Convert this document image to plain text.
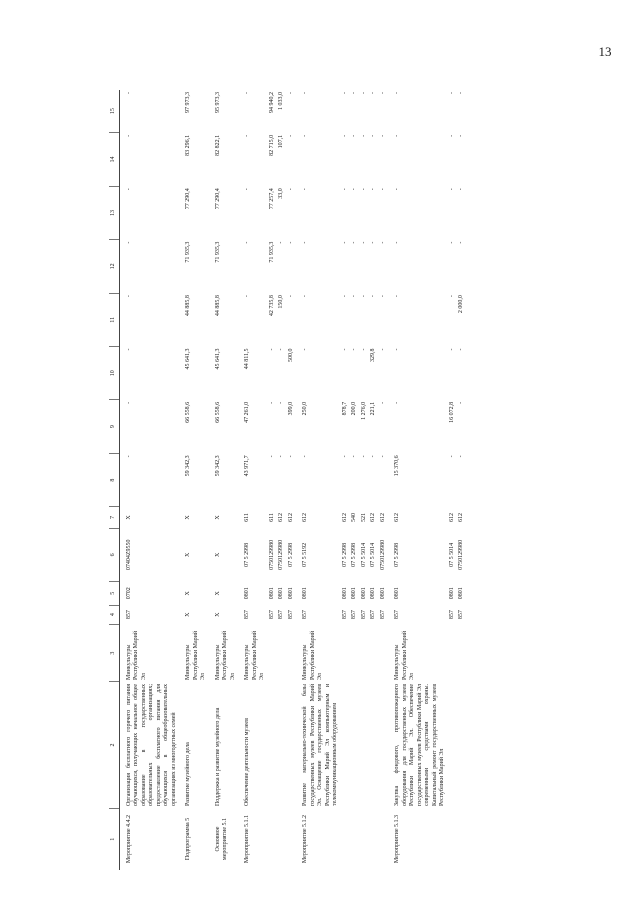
13
1	2	3	4	5	6	7	8	9	10	11	12	13	14	15
Мероприятие 4.4.2	Организация бесплатного горячего питания обучающихся, получающих начальное общее образование в государственных образовательных организациях; предоставление бесплатного питания для обучающихся в общеобразовательных организациях из многодетных семей	Минкультуры Республики Марий Эл	857	0702	07404Z9550	X	-	-	-	-	-	-	-	-
Подпрограмма 5	Развитие музейного дела	Минкультуры Республики Марий Эл	X	X	X	X	59 342,3	66 558,6	45 641,3	44 885,8	71 935,3	77 290,4	83 296,1	97 973,3
Основное мероприятие 5.1	Поддержка и развитие музейного дела	Минкультуры Республики Марий Эл	X	X	X	X	59 342,3	66 558,6	45 641,3	44 885,8	71 935,3	77 290,4	82 822,1	95 973,3
Мероприятие 5.1.1	Обеспечение деятельности музеев	Минкультуры Республики Марий Эл	857	0801	07 5 2998	611	43 971,7	47 261,0	44 811,5	-	-	-	-	-
			857	0801	0750129980	611	-	-	-	42 735,8	71 935,3	77 257,4	82 715,0	94 940,2
			857	0801	0750129980	612	-	-	-	150,0	-	33,0	107,1	1 033,0
			857	0801	07 5 2998	612	-	399,0	500,0	-	-	-	-	-
Мероприятие 5.1.2	Развитие материально-технической базы государственных музеев Республики Марий Эл. Оснащение государственных музеев Республики Марий Эл компьютерным и телекоммуникационным оборудованием	Минкультуры Республики Марий Эл	857	0801	07 5 5192	612	-	250,0	-	-	-	-	-	-
			857	0801	07 5 2998	612	-	878,7	-	-	-	-	-	-
			857	0801	07 5 2998	540	-	200,0	-	-	-	-	-	-
			857	0801	07 5 5014	521	-	1 276,0	-	-	-	-	-	-
			857	0801	07 5 5014	612	-	221,1	329,8	-	-	-	-	-
			857	0801	0750129980	612	-	-	-	-	-	-	-	-
Мероприятие 5.1.3	Закупка фондового, противопожарного оборудования для государственных музеев Республики Марий Эл. Обеспечение государственных музеев Республики Марий Эл современными средствами охраны. Капитальный ремонт государственных музеев Республики Марий Эл	Минкультуры Республики Марий Эл	857	0801	07 5 2998	612	15 370,6	-	-	-	-	-	-	-
			857	0801	07 5 5014	612	-	16 072,8	-	-	-	-	-	-
			857	0801	0750129980	612	-	-	-	2 000,0	-	-	-	-
